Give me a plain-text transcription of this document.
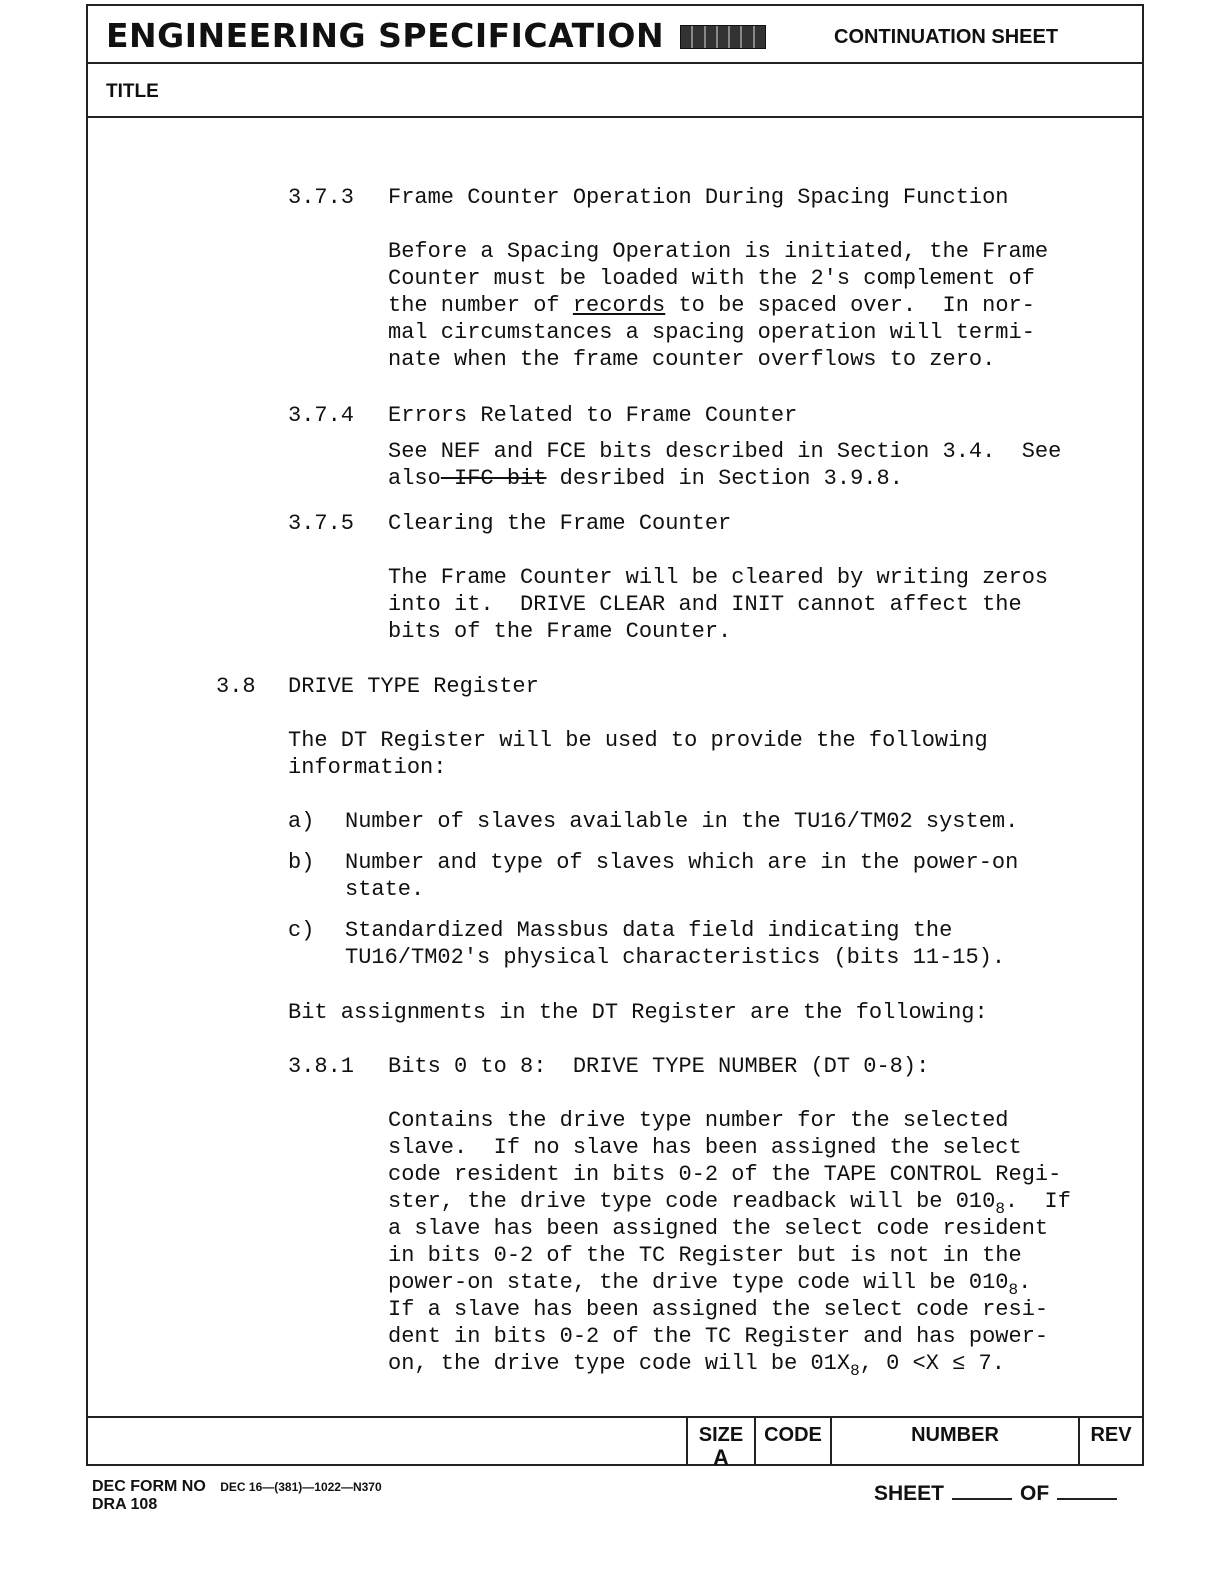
ENGINEERING SPECIFICATION	CONTINUATION SHEET
TITLE
3.7.3 Frame Counter Operation During Spacing Function
Before a Spacing Operation is initiated, the Frame
Counter must be loaded with the 2's complement of
the number of records to be spaced over.  In nor-
mal circumstances a spacing operation will termi-
nate when the frame counter overflows to zero.
3.7.4 Errors Related to Frame Counter
See NEF and FCE bits described in Section 3.4.  See
also IFC bit desribed in Section 3.9.8.
3.7.5 Clearing the Frame Counter
The Frame Counter will be cleared by writing zeros
into it.  DRIVE CLEAR and INIT cannot affect the
bits of the Frame Counter.
3.8 DRIVE TYPE Register
The DT Register will be used to provide the following
information:
a) Number of slaves available in the TU16/TM02 system.
b) Number and type of slaves which are in the power-on
state.
c) Standardized Massbus data field indicating the
TU16/TM02's physical characteristics (bits 11-15).
Bit assignments in the DT Register are the following:
3.8.1 Bits 0 to 8:  DRIVE TYPE NUMBER (DT 0-8):
Contains the drive type number for the selected
slave.  If no slave has been assigned the select
code resident in bits 0-2 of the TAPE CONTROL Regi-
ster, the drive type code readback will be $010_8$.  If
a slave has been assigned the select code resident
in bits 0-2 of the TC Register but is not in the
power-on state, the drive type code will be $010_8$.
If a slave has been assigned the select code resi-
dent in bits 0-2 of the TC Register and has power-
on, the drive type code will be $01X_8$, 0 <X ≤ 7.
SIZE
A
CODE	NUMBER	REV
DEC FORM NO DEC 16—(381)—1022—N370
DRA 108	SHEET	OF
